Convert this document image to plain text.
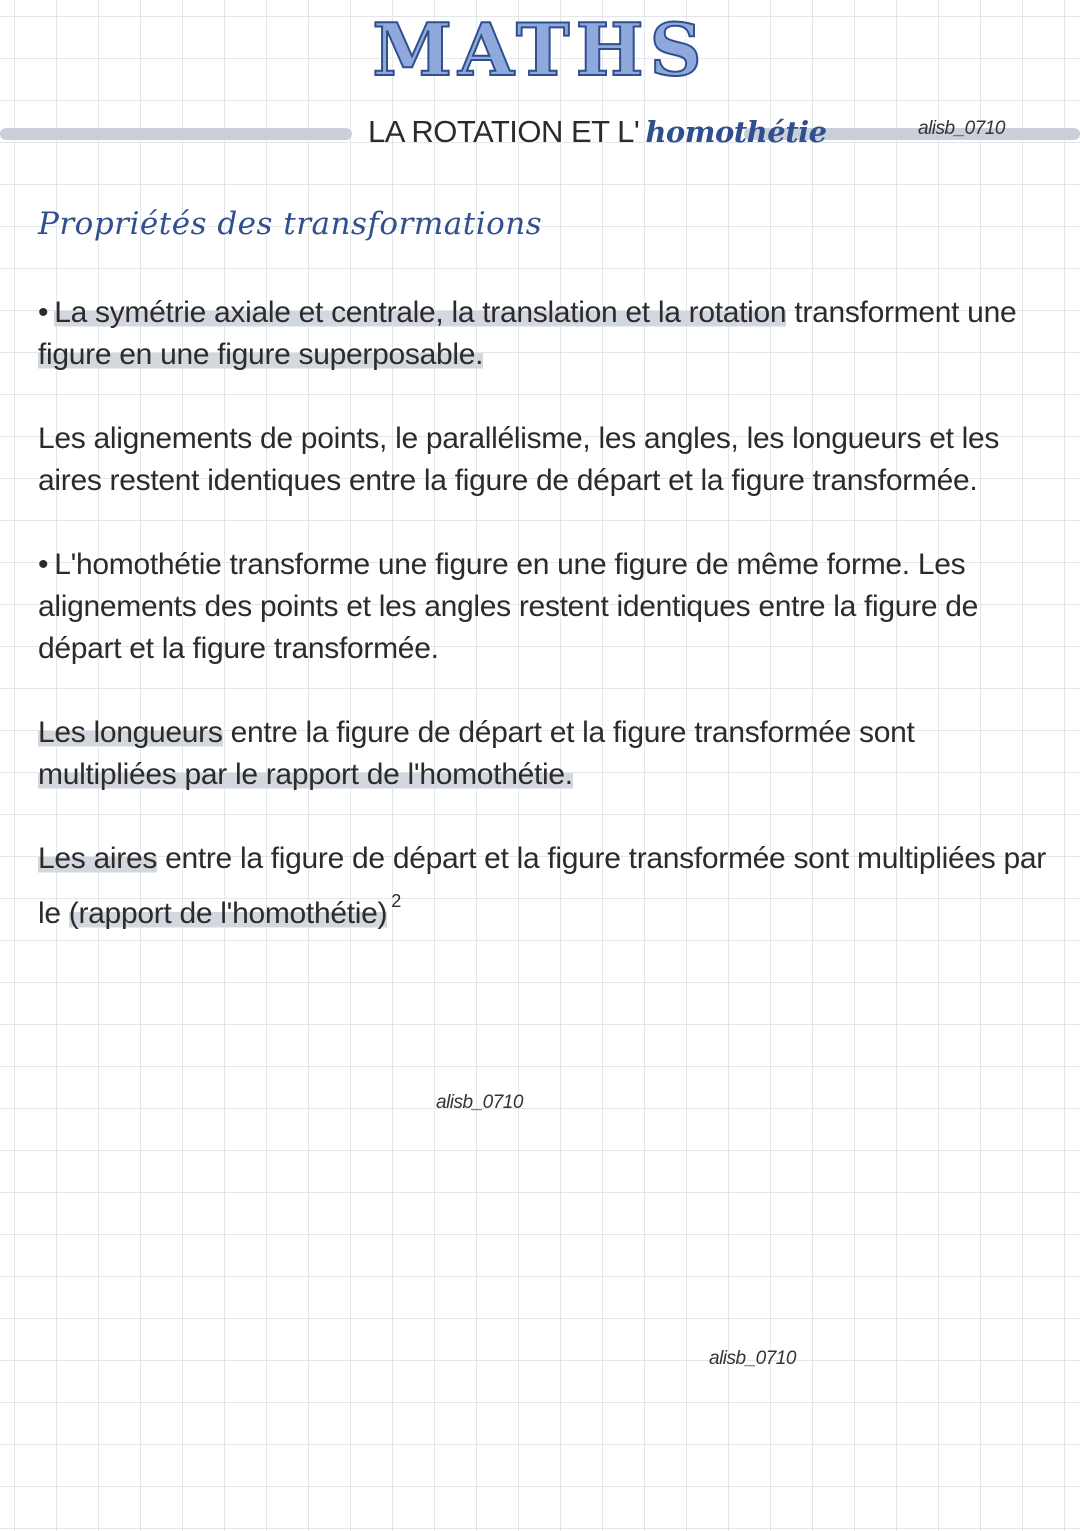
MATHS
LA ROTATION ET L' homothétie	alisb_0710
Propriétés des transformations
• La symétrie axiale et centrale, la translation et la rotation transforment une
figure en une figure superposable.
Les alignements de points, le parallélisme, les angles, les longueurs et les aires restent identiques entre la figure de départ et la figure transformée.
• L'homothétie transforme une figure en une figure de même forme. Les alignements des points et les angles restent identiques entre la figure de départ et la figure transformée.
Les longueurs entre la figure de départ et la figure transformée sont
multipliées par le rapport de l'homothétie.
Les aires entre la figure de départ et la figure transformée sont multipliées par
le (rapport de l'homothétie) $^2$
alisb_0710
alisb_0710
